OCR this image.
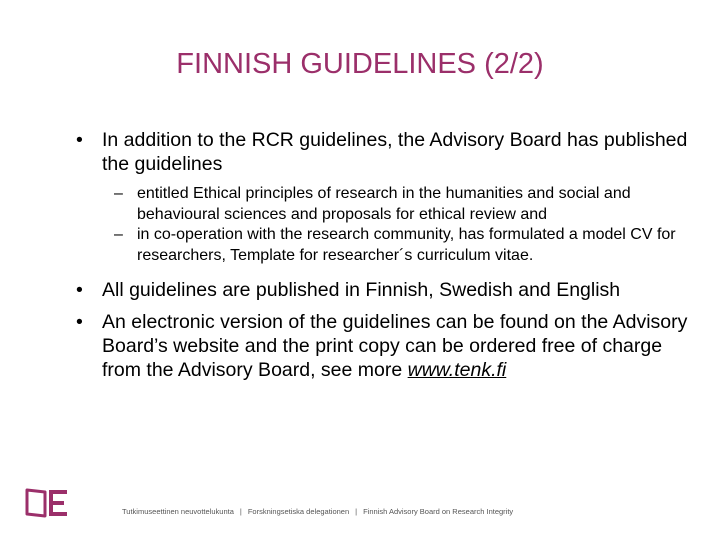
FINNISH GUIDELINES (2/2)
• In addition to the RCR guidelines, the Advisory Board has published the guidelines
– entitled Ethical principles of research in the humanities and social and behavioural sciences and proposals for ethical review and
– in co-operation with the research community, has formulated a model CV for researchers, Template for researcher´s curriculum vitae.
• All guidelines are published in Finnish, Swedish and English
• An electronic version of the guidelines can be found on the Advisory Board’s website and the print copy can be ordered free of charge from the Advisory Board, see more www.tenk.fi
Tutkimuseettinen neuvottelukunta | Forskningsetiska delegationen | Finnish Advisory Board on Research Integrity
